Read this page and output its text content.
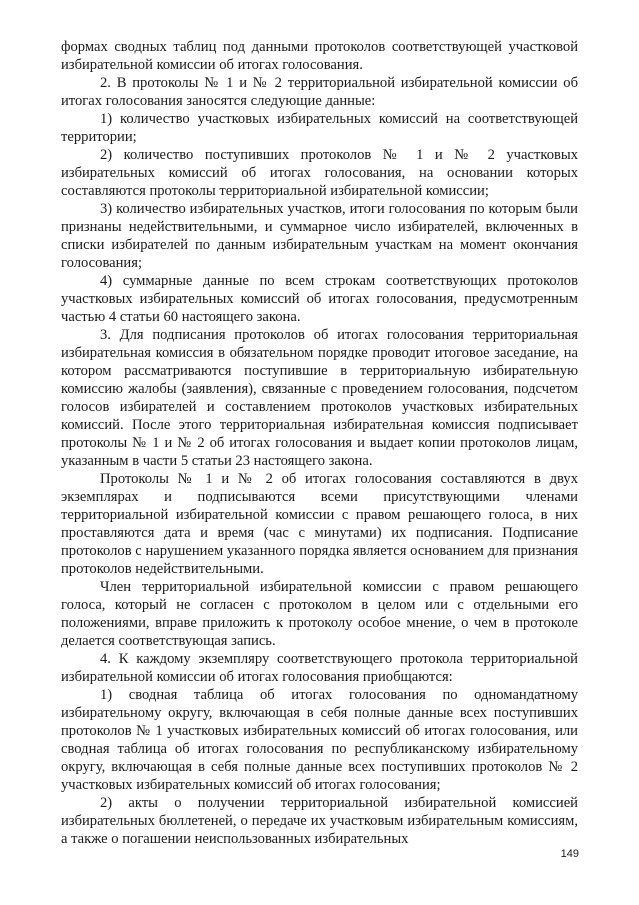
формах сводных таблиц под данными протоколов соответствующей участковой избирательной комиссии об итогах голосования.

2. В протоколы № 1 и № 2 территориальной избирательной комиссии об итогах голосования заносятся следующие данные:

1) количество участковых избирательных комиссий на соответствующей территории;

2) количество поступивших протоколов № 1 и № 2 участковых избирательных комиссий об итогах голосования, на основании которых составляются протоколы территориальной избирательной комиссии;

3) количество избирательных участков, итоги голосования по которым были признаны недействительными, и суммарное число избирателей, включенных в списки избирателей по данным избирательным участкам на момент окончания голосования;

4) суммарные данные по всем строкам соответствующих протоколов участковых избирательных комиссий об итогах голосования, предусмотренным частью 4 статьи 60 настоящего закона.

3. Для подписания протоколов об итогах голосования территориальная избирательная комиссия в обязательном порядке проводит итоговое заседание, на котором рассматриваются поступившие в территориальную избирательную комиссию жалобы (заявления), связанные с проведением голосования, подсчетом голосов избирателей и составлением протоколов участковых избирательных комиссий. После этого территориальная избирательная комиссия подписывает протоколы № 1 и № 2 об итогах голосования и выдает копии протоколов лицам, указанным в части 5 статьи 23 настоящего закона.

Протоколы № 1 и № 2 об итогах голосования составляются в двух экземплярах и подписываются всеми присутствующими членами территориальной избирательной комиссии с правом решающего голоса, в них проставляются дата и время (час с минутами) их подписания. Подписание протоколов с нарушением указанного порядка является основанием для признания протоколов недействительными.

Член территориальной избирательной комиссии с правом решающего голоса, который не согласен с протоколом в целом или с отдельными его положениями, вправе приложить к протоколу особое мнение, о чем в протоколе делается соответствующая запись.

4. К каждому экземпляру соответствующего протокола территориальной избирательной комиссии об итогах голосования приобщаются:

1) сводная таблица об итогах голосования по одномандатному избирательному округу, включающая в себя полные данные всех поступивших протоколов № 1 участковых избирательных комиссий об итогах голосования, или сводная таблица об итогах голосования по республиканскому избирательному округу, включающая в себя полные данные всех поступивших протоколов № 2 участковых избирательных комиссий об итогах голосования;

2) акты о получении территориальной избирательной комиссией избирательных бюллетеней, о передаче их участковым избирательным комиссиям, а также о погашении неиспользованных избирательных

149
